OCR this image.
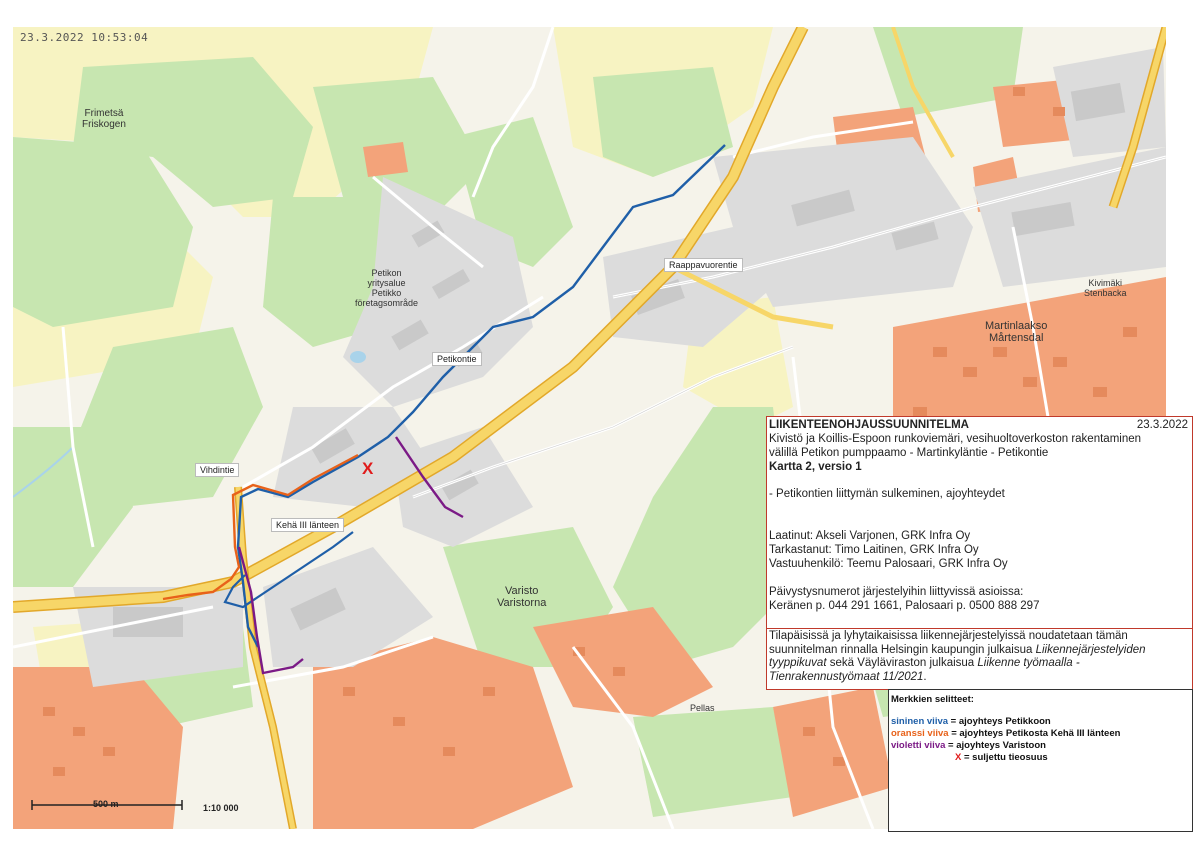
X
23.3.2022 10:53:04
Raappavuorentie
Petikontie
Vihdintie
Kehä III länteen
Frimetsä
Friskogen
Petikon
yritysalue
Petikko
företagsområde
Martinlaakso
Mårtensdal
Kivimäki
Stenbacka
Varisto
Varistorna
Pellas
LIIKENTEENOHJAUSSUUNNITELMA	23.3.2022
Kivistö ja Koillis-Espoon runkoviemäri, vesihuoltoverkoston rakentaminen
välillä Petikon pumppaamo - Martinkyläntie - Petikontie
Kartta 2, versio 1
- Petikontien liittymän sulkeminen, ajoyhteydet
Laatinut: Akseli Varjonen, GRK Infra Oy
Tarkastanut: Timo Laitinen, GRK Infra Oy
Vastuuhenkilö: Teemu Palosaari, GRK Infra Oy
Päivystysnumerot järjestelyihin liittyvissä asioissa:
Keränen p. 044 291 1661, Palosaari p. 0500 888 297
Tilapäisissä ja lyhytaikaisissa liikennejärjestelyissä noudatetaan tämän suunnitelman rinnalla Helsingin kaupungin julkaisua Liikennejärjestelyiden tyyppikuvat sekä Väyläviraston julkaisua Liikenne työmaalla - Tienrakennustyömaat 11/2021.
Merkkien selitteet:
sininen viiva = ajoyhteys Petikkoon
oranssi viiva = ajoyhteys Petikosta Kehä III länteen
violetti viiva = ajoyhteys Varistoon
X = suljettu tieosuus
500 m	1:10 000
